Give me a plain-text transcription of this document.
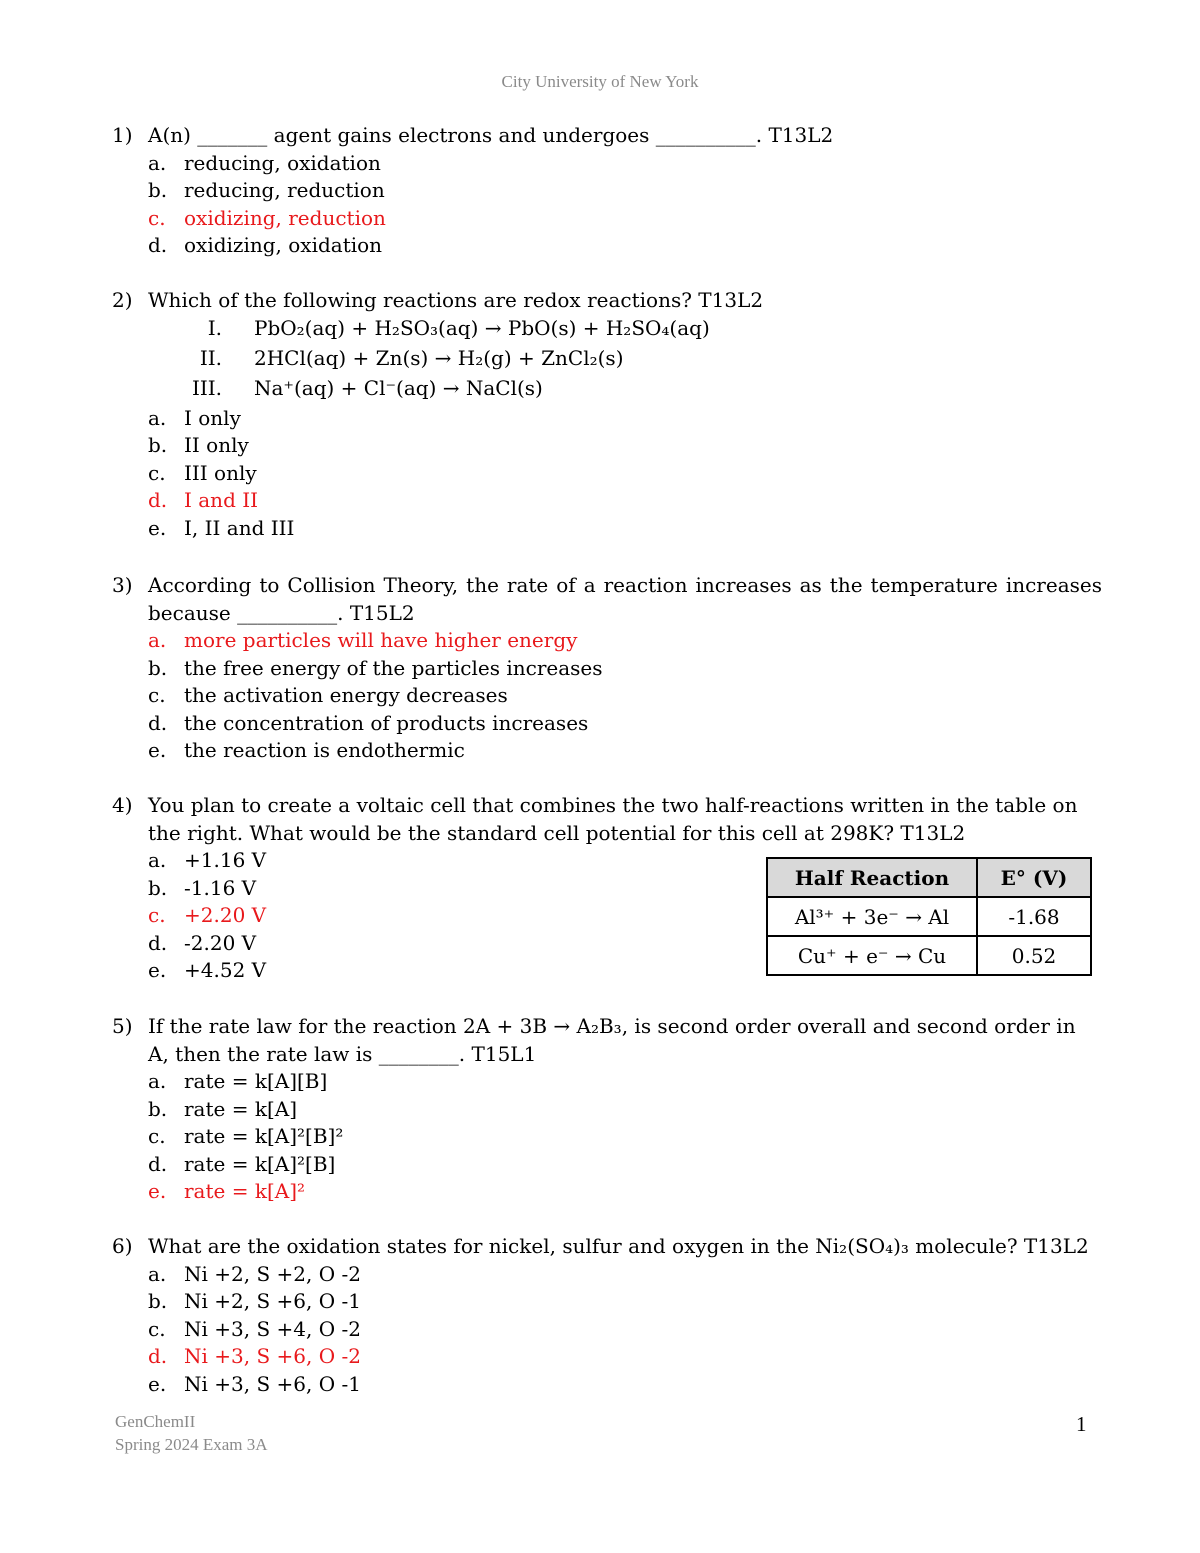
City University of New York
1) A(n) _______ agent gains electrons and undergoes __________. T13L2
a. reducing, oxidation
b. reducing, reduction
c. oxidizing, reduction
d. oxidizing, oxidation
2) Which of the following reactions are redox reactions? T13L2
I. PbO₂(aq) + H₂SO₃(aq) → PbO(s) + H₂SO₄(aq)
II. 2HCl(aq) + Zn(s) → H₂(g) + ZnCl₂(s)
III. Na⁺(aq) + Cl⁻(aq) → NaCl(s)
a. I only
b. II only
c. III only
d. I and II
e. I, II and III
3) According to Collision Theory, the rate of a reaction increases as the temperature increases because __________. T15L2
a. more particles will have higher energy
b. the free energy of the particles increases
c. the activation energy decreases
d. the concentration of products increases
e. the reaction is endothermic
4) You plan to create a voltaic cell that combines the two half-reactions written in the table on the right. What would be the standard cell potential for this cell at 298K? T13L2
a. +1.16 V
b. -1.16 V
c. +2.20 V
d. -2.20 V
e. +4.52 V
Half Reaction	E° (V)
Al³⁺ + 3e⁻ → Al	-1.68
Cu⁺ + e⁻ → Cu	0.52
5) If the rate law for the reaction 2A + 3B → A₂B₃, is second order overall and second order in A, then the rate law is ________. T15L1
a. rate = k[A][B]
b. rate = k[A]
c. rate = k[A]²[B]²
d. rate = k[A]²[B]
e. rate = k[A]²
6) What are the oxidation states for nickel, sulfur and oxygen in the Ni₂(SO₄)₃ molecule? T13L2
a. Ni +2, S +2, O -2
b. Ni +2, S +6, O -1
c. Ni +3, S +4, O -2
d. Ni +3, S +6, O -2
e. Ni +3, S +6, O -1
GenChemII
Spring 2024 Exam 3A
1
